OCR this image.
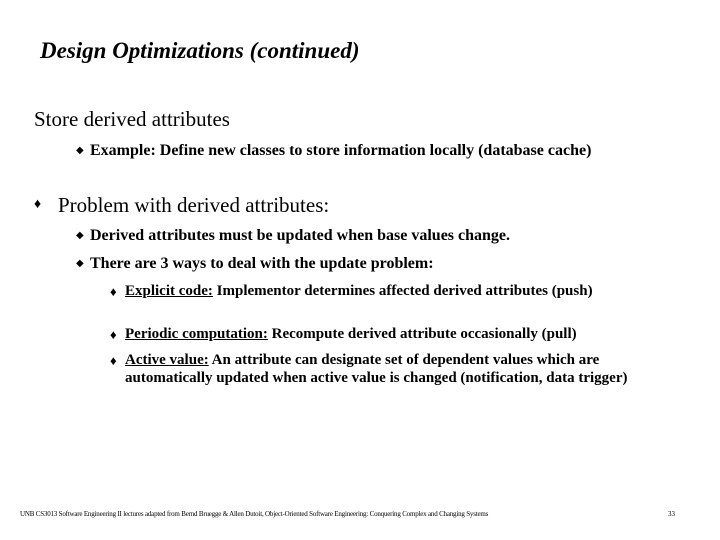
Design Optimizations (continued)
Store derived attributes
◆ Example: Define new classes to store information locally (database cache)
♦ Problem with derived attributes:
◆ Derived attributes must be updated when base values change.
◆ There are 3 ways to deal with the update problem:
♦ Explicit code: Implementor determines affected derived attributes (push)
♦ Periodic computation: Recompute derived attribute occasionally (pull)
♦ Active value: An attribute can designate set of dependent values which are automatically updated when active value is changed (notification, data trigger)
UNB CS3013 Software Engineering II lectures adapted from Bernd Bruegge & Allen Dutoit, Object-Oriented Software Engineering: Conquering Complex and Changing Systems	33
